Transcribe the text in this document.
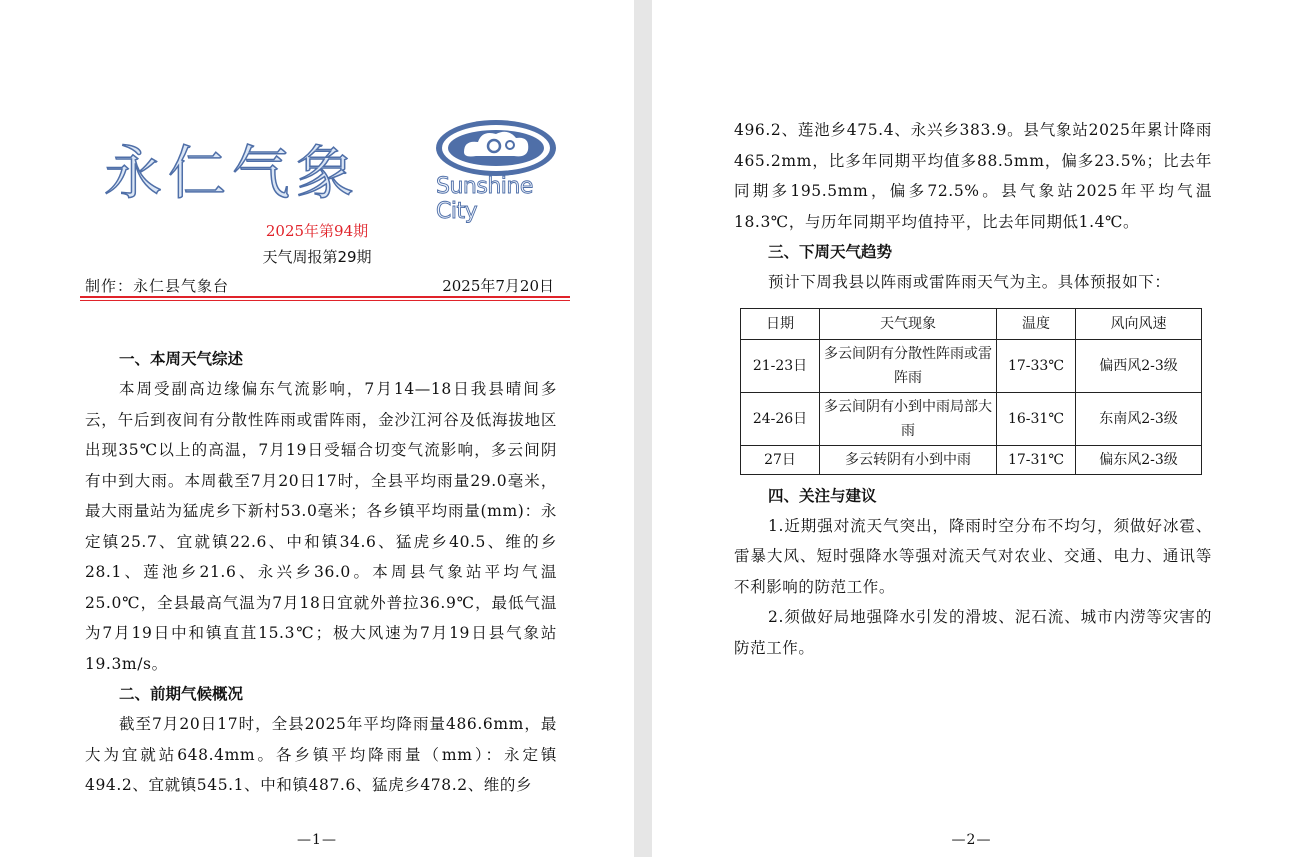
永仁气象	Sunshine City
2025年第94期
天气周报第29期
制作：永仁县气象台	2025年7月20日

一、本周天气综述

本周受副高边缘偏东气流影响，7月14—18日我县晴间多云，午后到夜间有分散性阵雨或雷阵雨，金沙江河谷及低海拔地区出现35℃以上的高温，7月19日受辐合切变气流影响，多云间阴有中到大雨。本周截至7月20日17时，全县平均雨量29.0毫米，最大雨量站为猛虎乡下新村53.0毫米；各乡镇平均雨量(mm)：永定镇25.7、宜就镇22.6、中和镇34.6、猛虎乡40.5、维的乡28.1、莲池乡21.6、永兴乡36.0。本周县气象站平均气温25.0℃，全县最高气温为7月18日宜就外普拉36.9℃，最低气温为7月19日中和镇直苴15.3℃；极大风速为7月19日县气象站19.3m/s。

二、前期气候概况

截至7月20日17时，全县2025年平均降雨量486.6mm，最大为宜就站648.4mm。各乡镇平均降雨量（mm）：永定镇494.2、宜就镇545.1、中和镇487.6、猛虎乡478.2、维的乡

—1—

496.2、莲池乡475.4、永兴乡383.9。县气象站2025年累计降雨465.2mm，比多年同期平均值多88.5mm，偏多23.5%；比去年同期多195.5mm，偏多72.5%。县气象站2025年平均气温18.3℃，与历年同期平均值持平，比去年同期低1.4℃。

三、下周天气趋势

预计下周我县以阵雨或雷阵雨天气为主。具体预报如下：

日期	天气现象	温度	风向风速
21-23日	多云间阴有分散性阵雨或雷阵雨	17-33℃	偏西风2-3级
24-26日	多云间阴有小到中雨局部大雨	16-31℃	东南风2-3级
27日	多云转阴有小到中雨	17-31℃	偏东风2-3级

四、关注与建议

1.近期强对流天气突出，降雨时空分布不均匀，须做好冰雹、雷暴大风、短时强降水等强对流天气对农业、交通、电力、通讯等不利影响的防范工作。

2.须做好局地强降水引发的滑坡、泥石流、城市内涝等灾害的防范工作。

—2—
